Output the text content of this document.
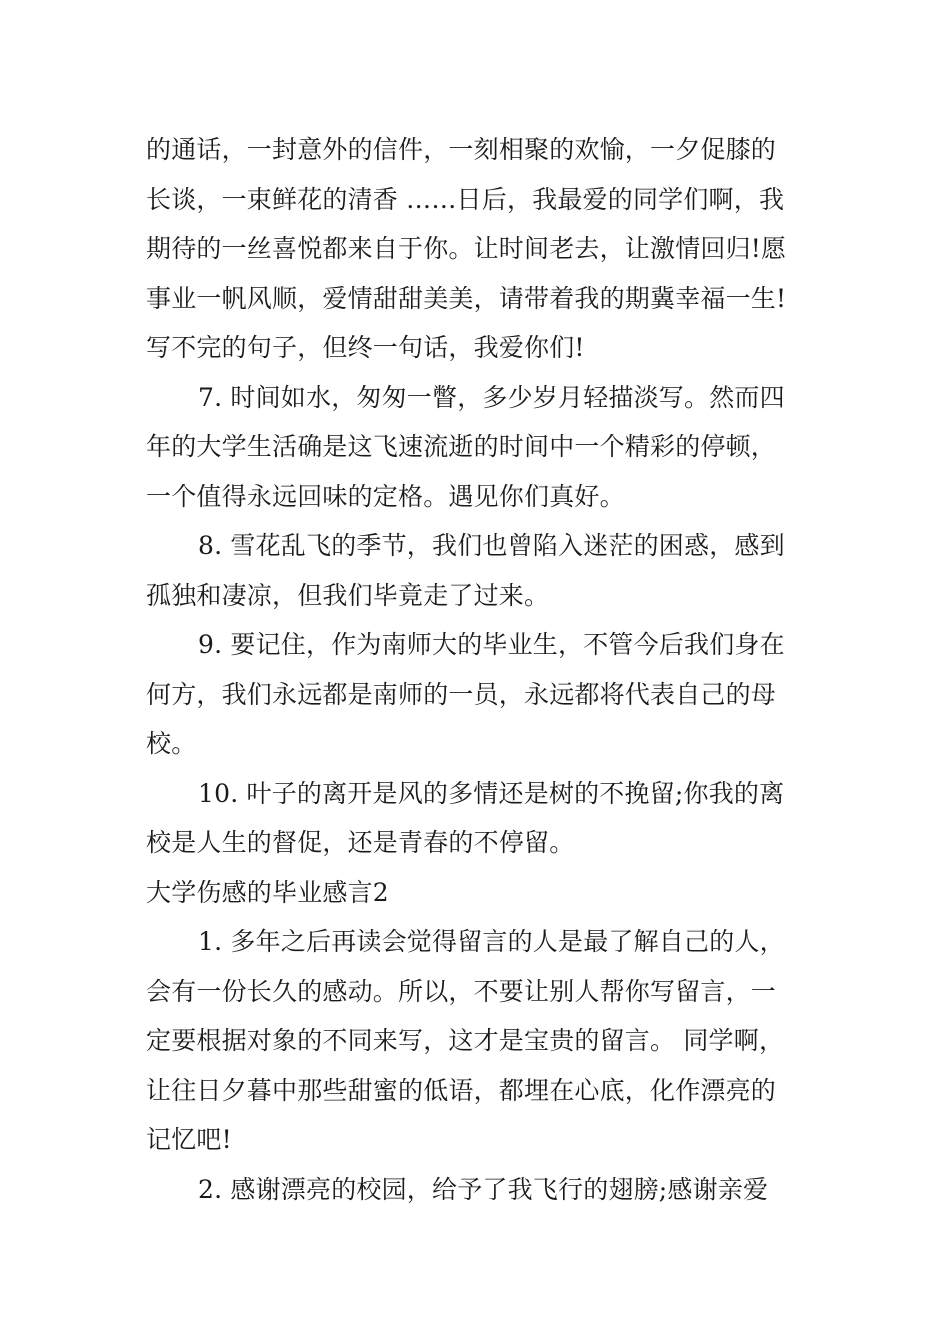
的通话，一封意外的信件，一刻相聚的欢愉，一夕促膝的
长谈，一束鲜花的清香 ……日后，我最爱的同学们啊，我
期待的一丝喜悦都来自于你。让时间老去，让激情回归!愿
事业一帆风顺，爱情甜甜美美，请带着我的期冀幸福一生!
写不完的句子，但终一句话，我爱你们!
7. 时间如水，匆匆一瞥，多少岁月轻描淡写。然而四
年的大学生活确是这飞速流逝的时间中一个精彩的停顿，
一个值得永远回味的定格。遇见你们真好。
8. 雪花乱飞的季节，我们也曾陷入迷茫的困惑，感到
孤独和凄凉，但我们毕竟走了过来。
9. 要记住，作为南师大的毕业生，不管今后我们身在
何方，我们永远都是南师的一员，永远都将代表自己的母
校。
10. 叶子的离开是风的多情还是树的不挽留;你我的离
校是人生的督促，还是青春的不停留。
大学伤感的毕业感言2
1. 多年之后再读会觉得留言的人是最了解自己的人，
会有一份长久的感动。所以，不要让别人帮你写留言，一
定要根据对象的不同来写，这才是宝贵的留言。 同学啊，
让往日夕暮中那些甜蜜的低语，都埋在心底，化作漂亮的
记忆吧!
2. 感谢漂亮的校园，给予了我飞行的翅膀;感谢亲爱
